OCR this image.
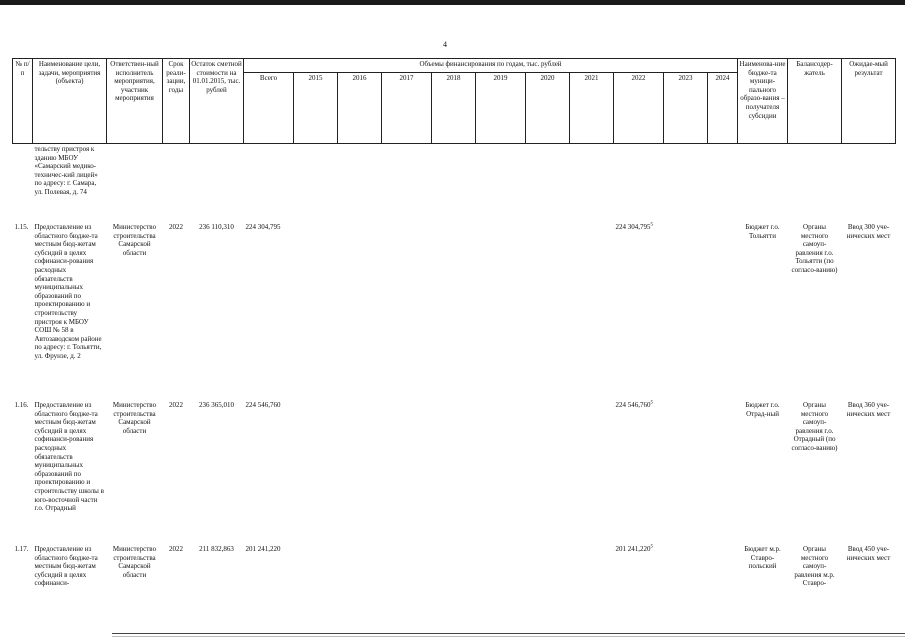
4
№ п/п	Наименование цели, задачи, мероприятия (объекта)	Ответствен-ный исполнитель мероприятия, участник мероприятия	Срок реали-зации, годы	Остаток сметной стоимости на 01.01.2015, тыс. рублей	Объемы финансирования по годам, тыс. рублей											Наименова-ние бюдже-та муници-пального образо-вания – получателя субсидии	Балансодер-жатель	Ожидае-мый результат
					Всего	2015	2016	2017	2018	2019	2020	2021	2022	2023	2024			
	тельству пристроя к зданию МБОУ «Самарский медико-техничес-кий лицей» по адресу: г. Самара, ул. Полевая, д. 74																	
1.15.	Предоставление из областного бюдже-та местным бюд-жетам субсидий в целях софинанси-рования расходных обязательств муниципальных образований по проектированию и строительству пристроя к МБОУ СОШ № 58 в Автозаводском районе по адресу: г. Тольятти, ул. Фрунзе, д. 2	Министерство строительства Самарской области	2022	236 110,310	224 304,795								224 304,795$^5$			Бюджет г.о. Тольятти	Органы местного самоуп-равления г.о. Тольятти (по согласо-ванию)	Ввод 300 уче-нических мест
1.16.	Предоставление из областного бюдже-та местным бюд-жетам субсидий в целях софинанси-рования расходных обязательств муниципальных образований по проектированию и строительству школы в юго-восточной части г.о. Отрадный	Министерство строительства Самарской области	2022	236 365,010	224 546,760								224 546,760$^5$			Бюджет г.о. Отрад-ный	Органы местного самоуп-равления г.о. Отрадный (по согласо-ванию)	Ввод 360 уче-нических мест
1.17.	Предоставление из областного бюдже-та местным бюд-жетам субсидий в целях софинанси-	Министерство строительства Самарской области	2022	211 832,863	201 241,220								201 241,220$^5$			Бюджет м.р. Ставро-польский	Органы местного самоуп-равления м.р. Ставро-	Ввод 450 уче-нических мест
